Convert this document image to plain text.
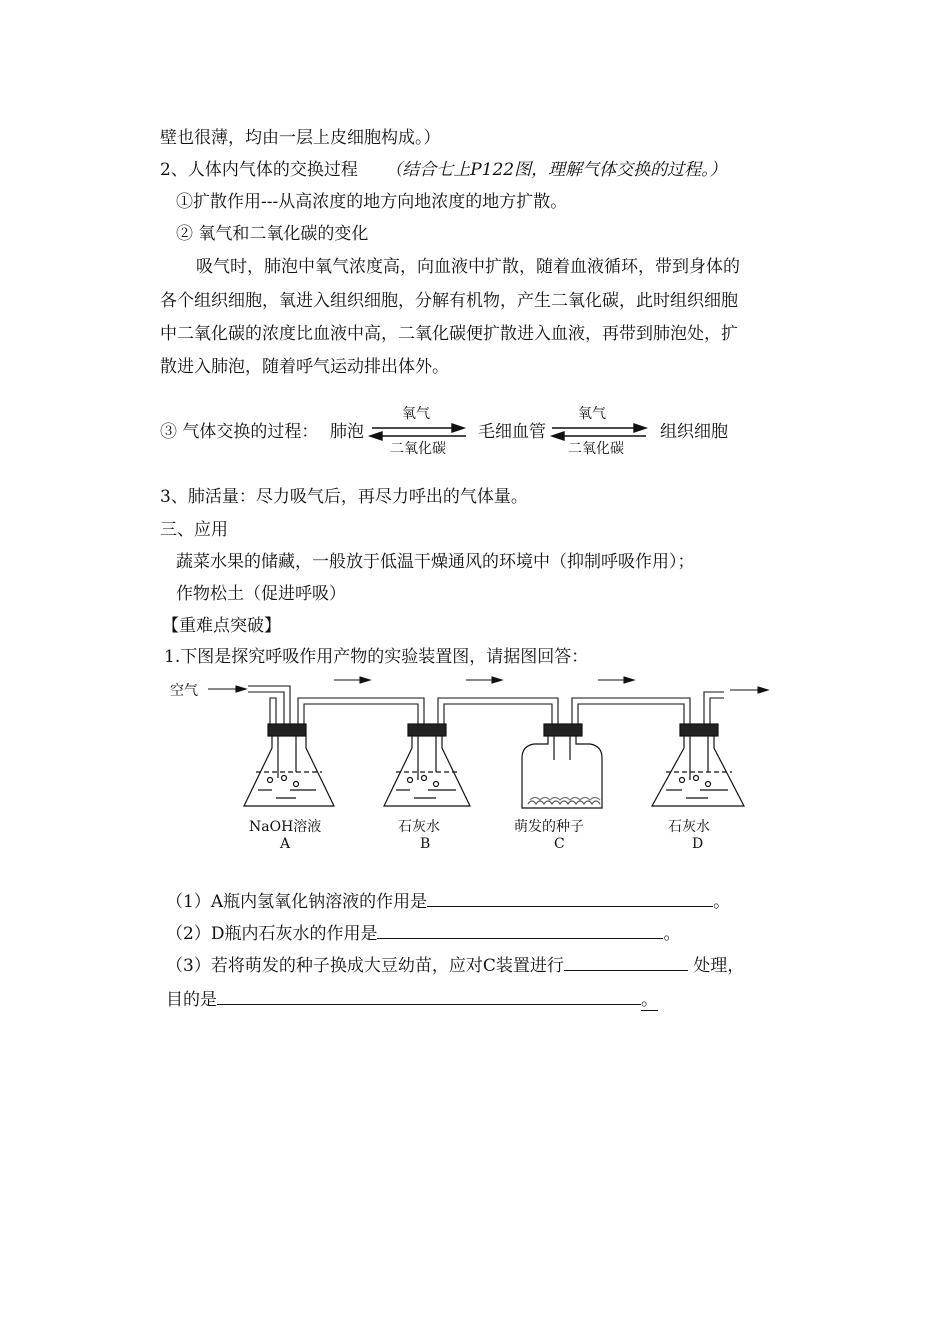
壁也很薄，均由一层上皮细胞构成。）
2、人体内气体的交换过程 （结合七上P122图，理解气体交换的过程。）
①扩散作用---从高浓度的地方向地浓度的地方扩散。
② 氧气和二氧化碳的变化
吸气时，肺泡中氧气浓度高，向血液中扩散，随着血液循环，带到身体的
各个组织细胞，氧进入组织细胞，分解有机物，产生二氧化碳，此时组织细胞
中二氧化碳的浓度比血液中高，二氧化碳便扩散进入血液，再带到肺泡处，扩
散进入肺泡，随着呼气运动排出体外。
③ 气体交换的过程： 肺泡	毛细血管	组织细胞
氧气
二氧化碳
氧气
二氧化碳
3、肺活量：尽力吸气后，再尽力呼出的气体量。
三、应用
蔬菜水果的储藏，一般放于低温干燥通风的环境中（抑制呼吸作用）；
作物松土（促进呼吸）
【重难点突破】
1.下图是探究呼吸作用产物的实验装置图，请据图回答：
空气
NaOH溶液
A
石灰水
B
萌发的种子
C
石灰水
D
（1）A瓶内氢氧化钠溶液的作用是	。
（2）D瓶内石灰水的作用是	。
（3）若将萌发的种子换成大豆幼苗，应对C装置进行	处理，
目的是	。
